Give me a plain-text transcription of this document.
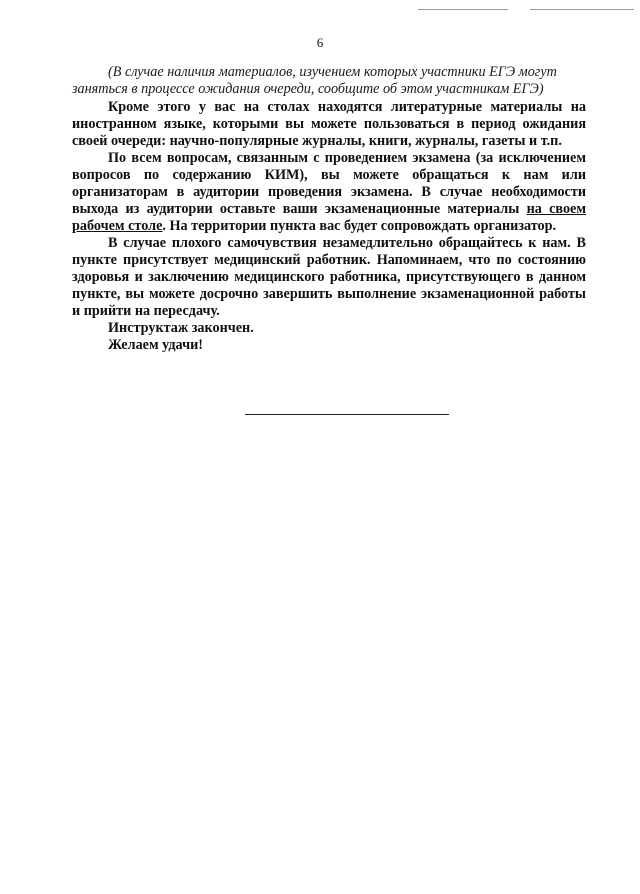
6
(В случае наличия материалов, изучением которых участники ЕГЭ могут
заняться в процессе ожидания очереди, сообщите об этом участникам ЕГЭ)

Кроме этого у вас на столах находятся литературные материалы на иностранном языке, которыми вы можете пользоваться в период ожидания своей очереди: научно-популярные журналы, книги, журналы, газеты и т.п.

По всем вопросам, связанным с проведением экзамена (за исключением вопросов по содержанию КИМ), вы можете обращаться к нам или организаторам в аудитории проведения экзамена. В случае необходимости выхода из аудитории оставьте ваши экзаменационные материалы на своем рабочем столе. На территории пункта вас будет сопровождать организатор.

В случае плохого самочувствия незамедлительно обращайтесь к нам. В пункте присутствует медицинский работник. Напоминаем, что по состоянию здоровья и заключению медицинского работника, присутствующего в данном пункте, вы можете досрочно завершить выполнение экзаменационной работы и прийти на пересдачу.

Инструктаж закончен.

Желаем удачи!
